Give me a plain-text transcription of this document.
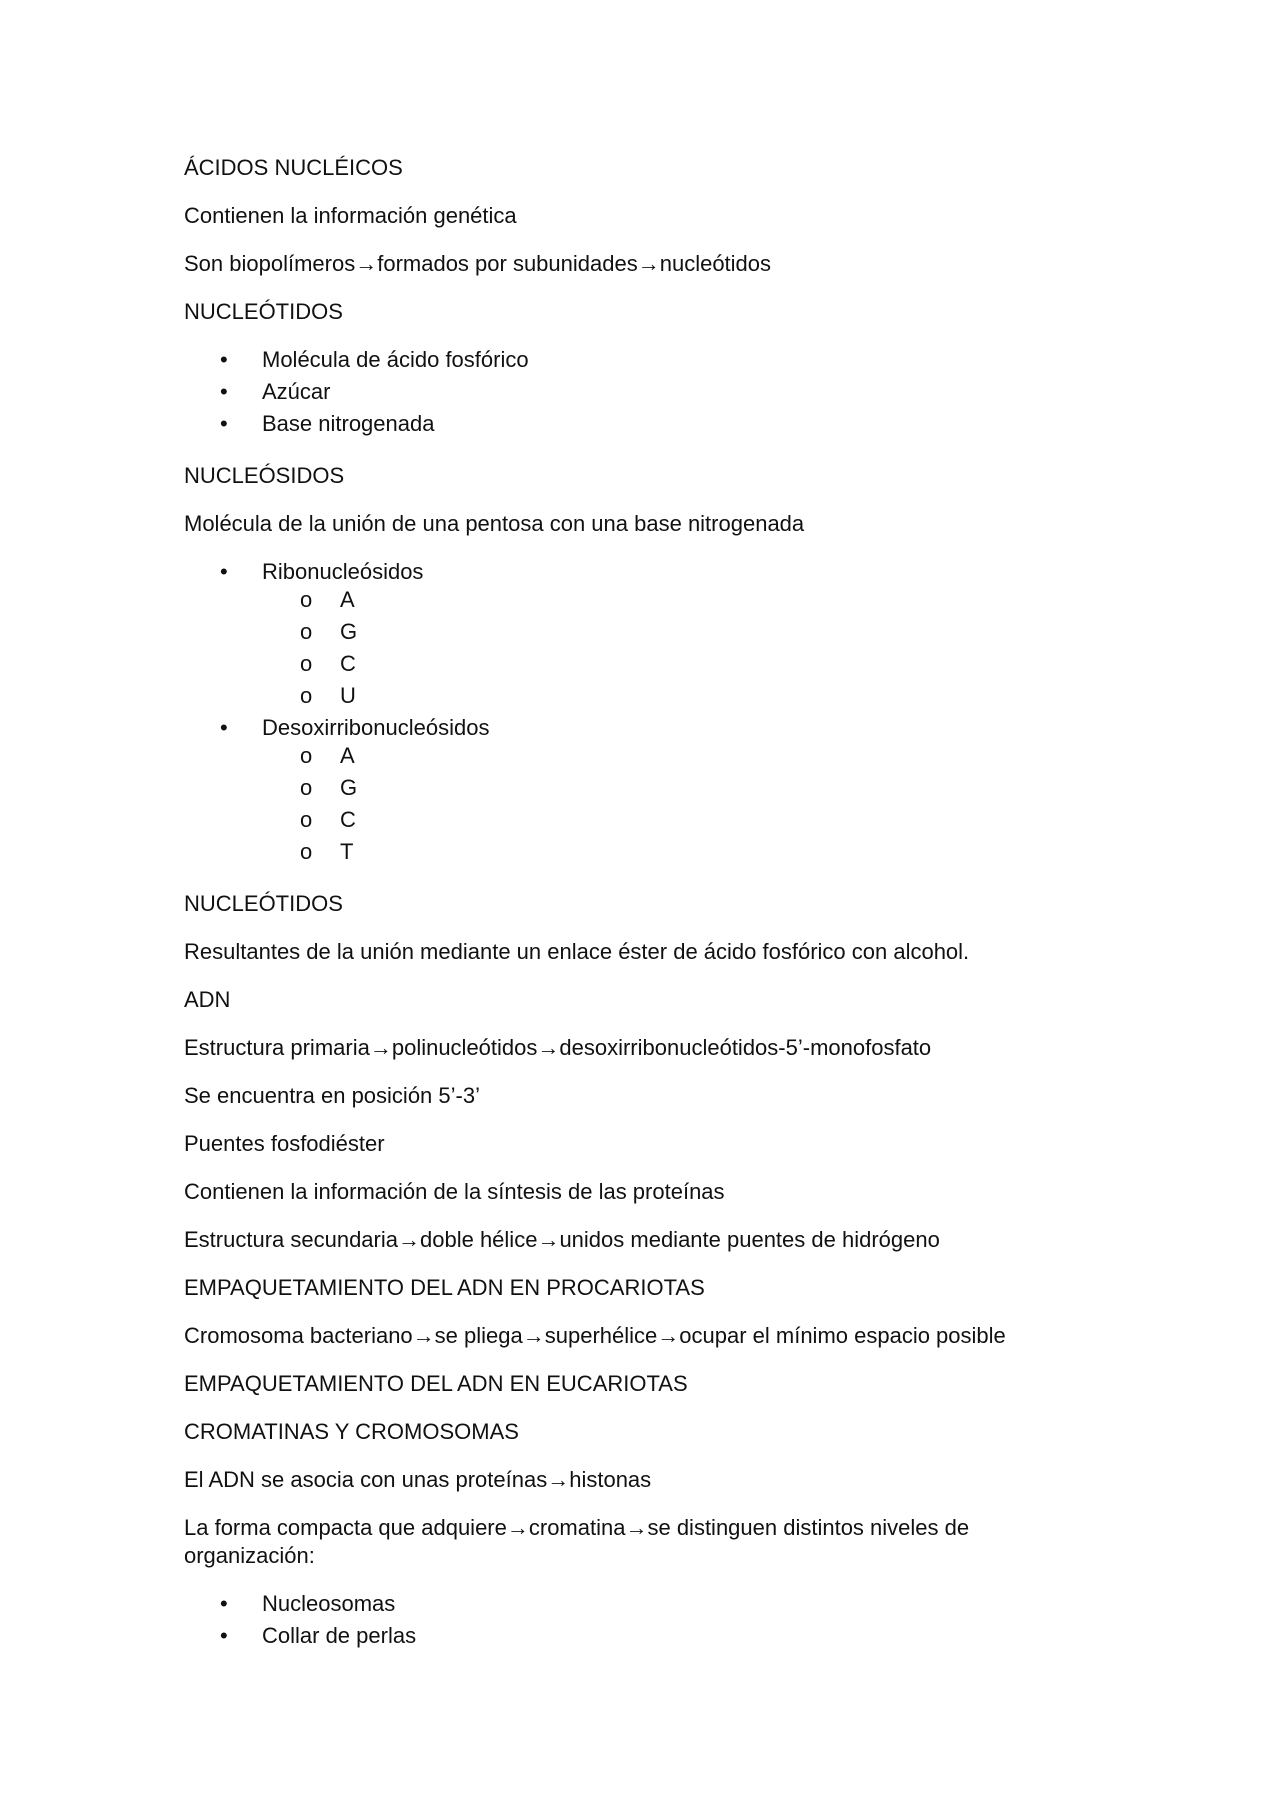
ÁCIDOS NUCLÉICOS

Contienen la información genética

Son biopolímeros→formados por subunidades→nucleótidos

NUCLEÓTIDOS

•
Molécula de ácido fosfórico
•
Azúcar
•
Base nitrogenada

NUCLEÓSIDOS

Molécula de la unión de una pentosa con una base nitrogenada

•
Ribonucleósidos
o A
o G
o C
o U
•
Desoxirribonucleósidos
o A
o G
o C
o T

NUCLEÓTIDOS

Resultantes de la unión mediante un enlace éster de ácido fosfórico con alcohol.

ADN

Estructura primaria→polinucleótidos→desoxirribonucleótidos-5’-monofosfato

Se encuentra en posición 5’-3’

Puentes fosfodiéster

Contienen la información de la síntesis de las proteínas

Estructura secundaria→doble hélice→unidos mediante puentes de hidrógeno

EMPAQUETAMIENTO DEL ADN EN PROCARIOTAS

Cromosoma bacteriano→se pliega→superhélice→ocupar el mínimo espacio posible

EMPAQUETAMIENTO DEL ADN EN EUCARIOTAS

CROMATINAS Y CROMOSOMAS

El ADN se asocia con unas proteínas→histonas

La forma compacta que adquiere→cromatina→se distinguen distintos niveles de organización:

•
Nucleosomas
•
Collar de perlas
